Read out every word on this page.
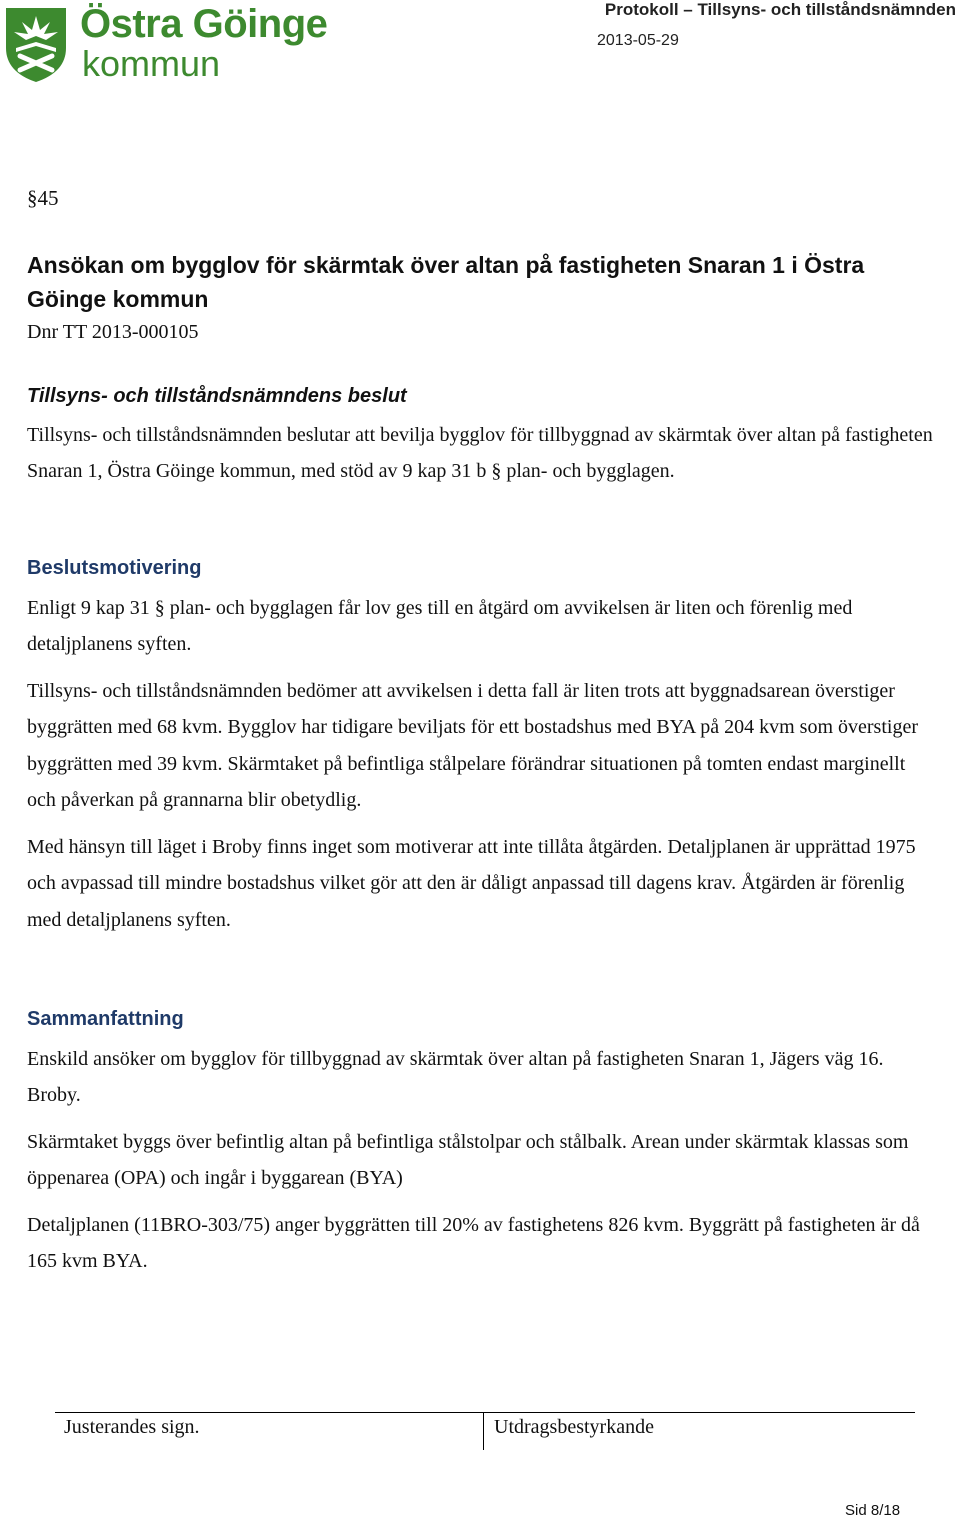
Östra Göinge
kommun
Protokoll – Tillsyns- och tillståndsnämnden
2013-05-29
§45
Ansökan om bygglov för skärmtak över altan på fastigheten Snaran 1 i Östra Göinge kommun
Dnr TT 2013-000105
Tillsyns- och tillståndsnämndens beslut

Tillsyns- och tillståndsnämnden beslutar att bevilja bygglov för tillbyggnad av skärmtak över altan på fastigheten Snaran 1, Östra Göinge kommun, med stöd av 9 kap 31 b § plan- och bygglagen.

Beslutsmotivering

Enligt 9 kap 31 § plan- och bygglagen får lov ges till en åtgärd om avvikelsen är liten och förenlig med detaljplanens syften.

Tillsyns- och tillståndsnämnden bedömer att avvikelsen i detta fall är liten trots att byggnadsarean överstiger byggrätten med 68 kvm. Bygglov har tidigare beviljats för ett bostadshus med BYA på 204 kvm som överstiger byggrätten med 39 kvm. Skärmtaket på befintliga stålpelare förändrar situationen på tomten endast marginellt och påverkan på grannarna blir obetydlig.

Med hänsyn till läget i Broby finns inget som motiverar att inte tillåta åtgärden. Detaljplanen är upprättad 1975 och avpassad till mindre bostadshus vilket gör att den är dåligt anpassad till dagens krav. Åtgärden är förenlig med detaljplanens syften.

Sammanfattning

Enskild ansöker om bygglov för tillbyggnad av skärmtak över altan på fastigheten Snaran 1, Jägers väg 16. Broby.

Skärmtaket byggs över befintlig altan på befintliga stålstolpar och stålbalk. Arean under skärmtak klassas som öppenarea (OPA) och ingår i byggarean (BYA)

Detaljplanen (11BRO-303/75) anger byggrätten till 20% av fastighetens 826 kvm. Byggrätt på fastigheten är då 165 kvm BYA.

Justerandes sign.	Utdragsbestyrkande
Sid 8/18
